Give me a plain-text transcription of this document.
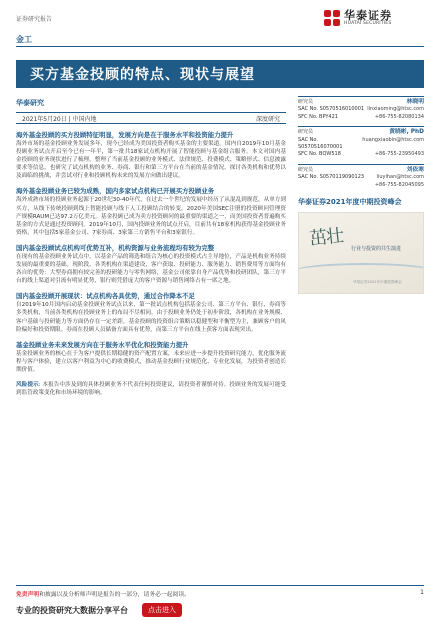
证券研究报告	华泰证券
HUATAI SECURITIES
金工
买方基金投顾的特点、现状与展望
华泰研究
2021年5月20日 | 中国内地	深度研究
海外基金投顾的买方投顾特征明显，发展方向是在于服务水平和投资能力提升
海外市场的基金投顾业务发展多年，现今已经成为美国投资者购买基金的主要渠道。国内自2019年10月基金投顾业务试点开启至今已有一年半，第一批共18家试点机构开展了智能投顾与基金组合服务。本文对国内基金投顾的业务现状进行了梳理，整理了当前基金投顾的业务模式、法律规范、投费模式、策略形式、信息披露要求等信息，也研究了试点机构的业务、券商、银行和第三方平台在当前的基金情况，探讨各类机构和优势以及面临的挑战，并尝试对行业和投顾机构未来的发展方向做出建议。
海外基金投顾业务已较为成熟，国内多家试点机构已开展买方投顾业务
海外成熟市场的投顾业务起源于20世纪30-40年代，在过去一个世纪的发展中经历了从混乱到规范，从单方到买方，从线下传统投顾到线上智能投顾与线下人工投顾结合的转变，2020年美国SEC注册的投资顾问管理资产规模RAUM已达97.2万亿美元。基金投顾已成为卖方投资顾问的最重要的渠道之一，而美国投资者普遍购买基金的方式是通过投资顾问。2019年10月，国内投顾业务的试点开启，目前共有18家机构获得基金投顾业务资格，其中包括5家基金公司、7家券商、3家第三方销售平台和3家银行。
国内基金投顾试点机构可优势互补，机构资源与业务流程均有较为完整
在现有的基金投顾业务试点中，以基金产品的筛选和组合为核心的投资模式占主导地位，产品是机构业务持续发展的最重要的基础。现阶段，各类机构在渠道建设、客户获取、投研能力、服务能力、销售费用等方面均有各自的优势：大型券商拥有较完善的投研能力与零售网络，基金公司依靠自身产品优势和投研团队，第三方平台的线上渠道对引流有明显优势，银行则凭借庞大的客户资源与销售网络占有一席之地。
国内基金投顾开展现状：试点机构各具优势，通过合作降本不足
自2019年10月国内启动基金投顾业务试点以来，第一批试点机构包括基金公司、第三方平台、银行、券商等多类机构，当前各类机构在投顾业务上的布局不尽相同。由于投顾业务仍处于初步阶段，各机构在业务规模、客户基础与投研能力等方面仍存在一定差距。基金投顾的投资组合策略以稳健型和平衡型为主，兼顾客户的风险偏好和投资期限。券商在投顾人员储备方面具有优势，而第三方平台在线上获客方面表现突出。
基金投顾业务未来发展方向在于服务水平优化和投资能力提升
基金投顾业务的核心在于为客户提供长期稳健的资产配置方案，未来应进一步提升投资研究能力，优化服务流程与客户体验，建立以客户利益为中心的收费模式，推动基金投顾行业规范化、专业化发展，为投资者创造长期价值。
风险提示: 本报告中涉及到的具体投顾业务不代表任何投资建议，请投资者谨慎对待。投顾业务的发展可能受到监管政策变化和市场环境的影响。
研究员	林晓明
SAC No. S0570516010001 linxiaoming@htsc.com
SFC No. BPY421	+86-755-82080134
研究员	黄晓彬, PhD
SAC No. S0570516070001
huangxiaobin@htsc.com
SFC No. BQW518	+86-755-23950493
研究员	刘依寒
SAC No. S0570119090123 liuyihan@htsc.com
+86-755-82045095
华泰证券2021年度中期投资峰会
茁壮 行业与投资的共生演进
华泰证券2021年中期投资峰会
免责声明和披露以及分析师声明是报告的一部分，请务必一起阅读。	1
专业的投资研究大数据分享平台	点击进入
